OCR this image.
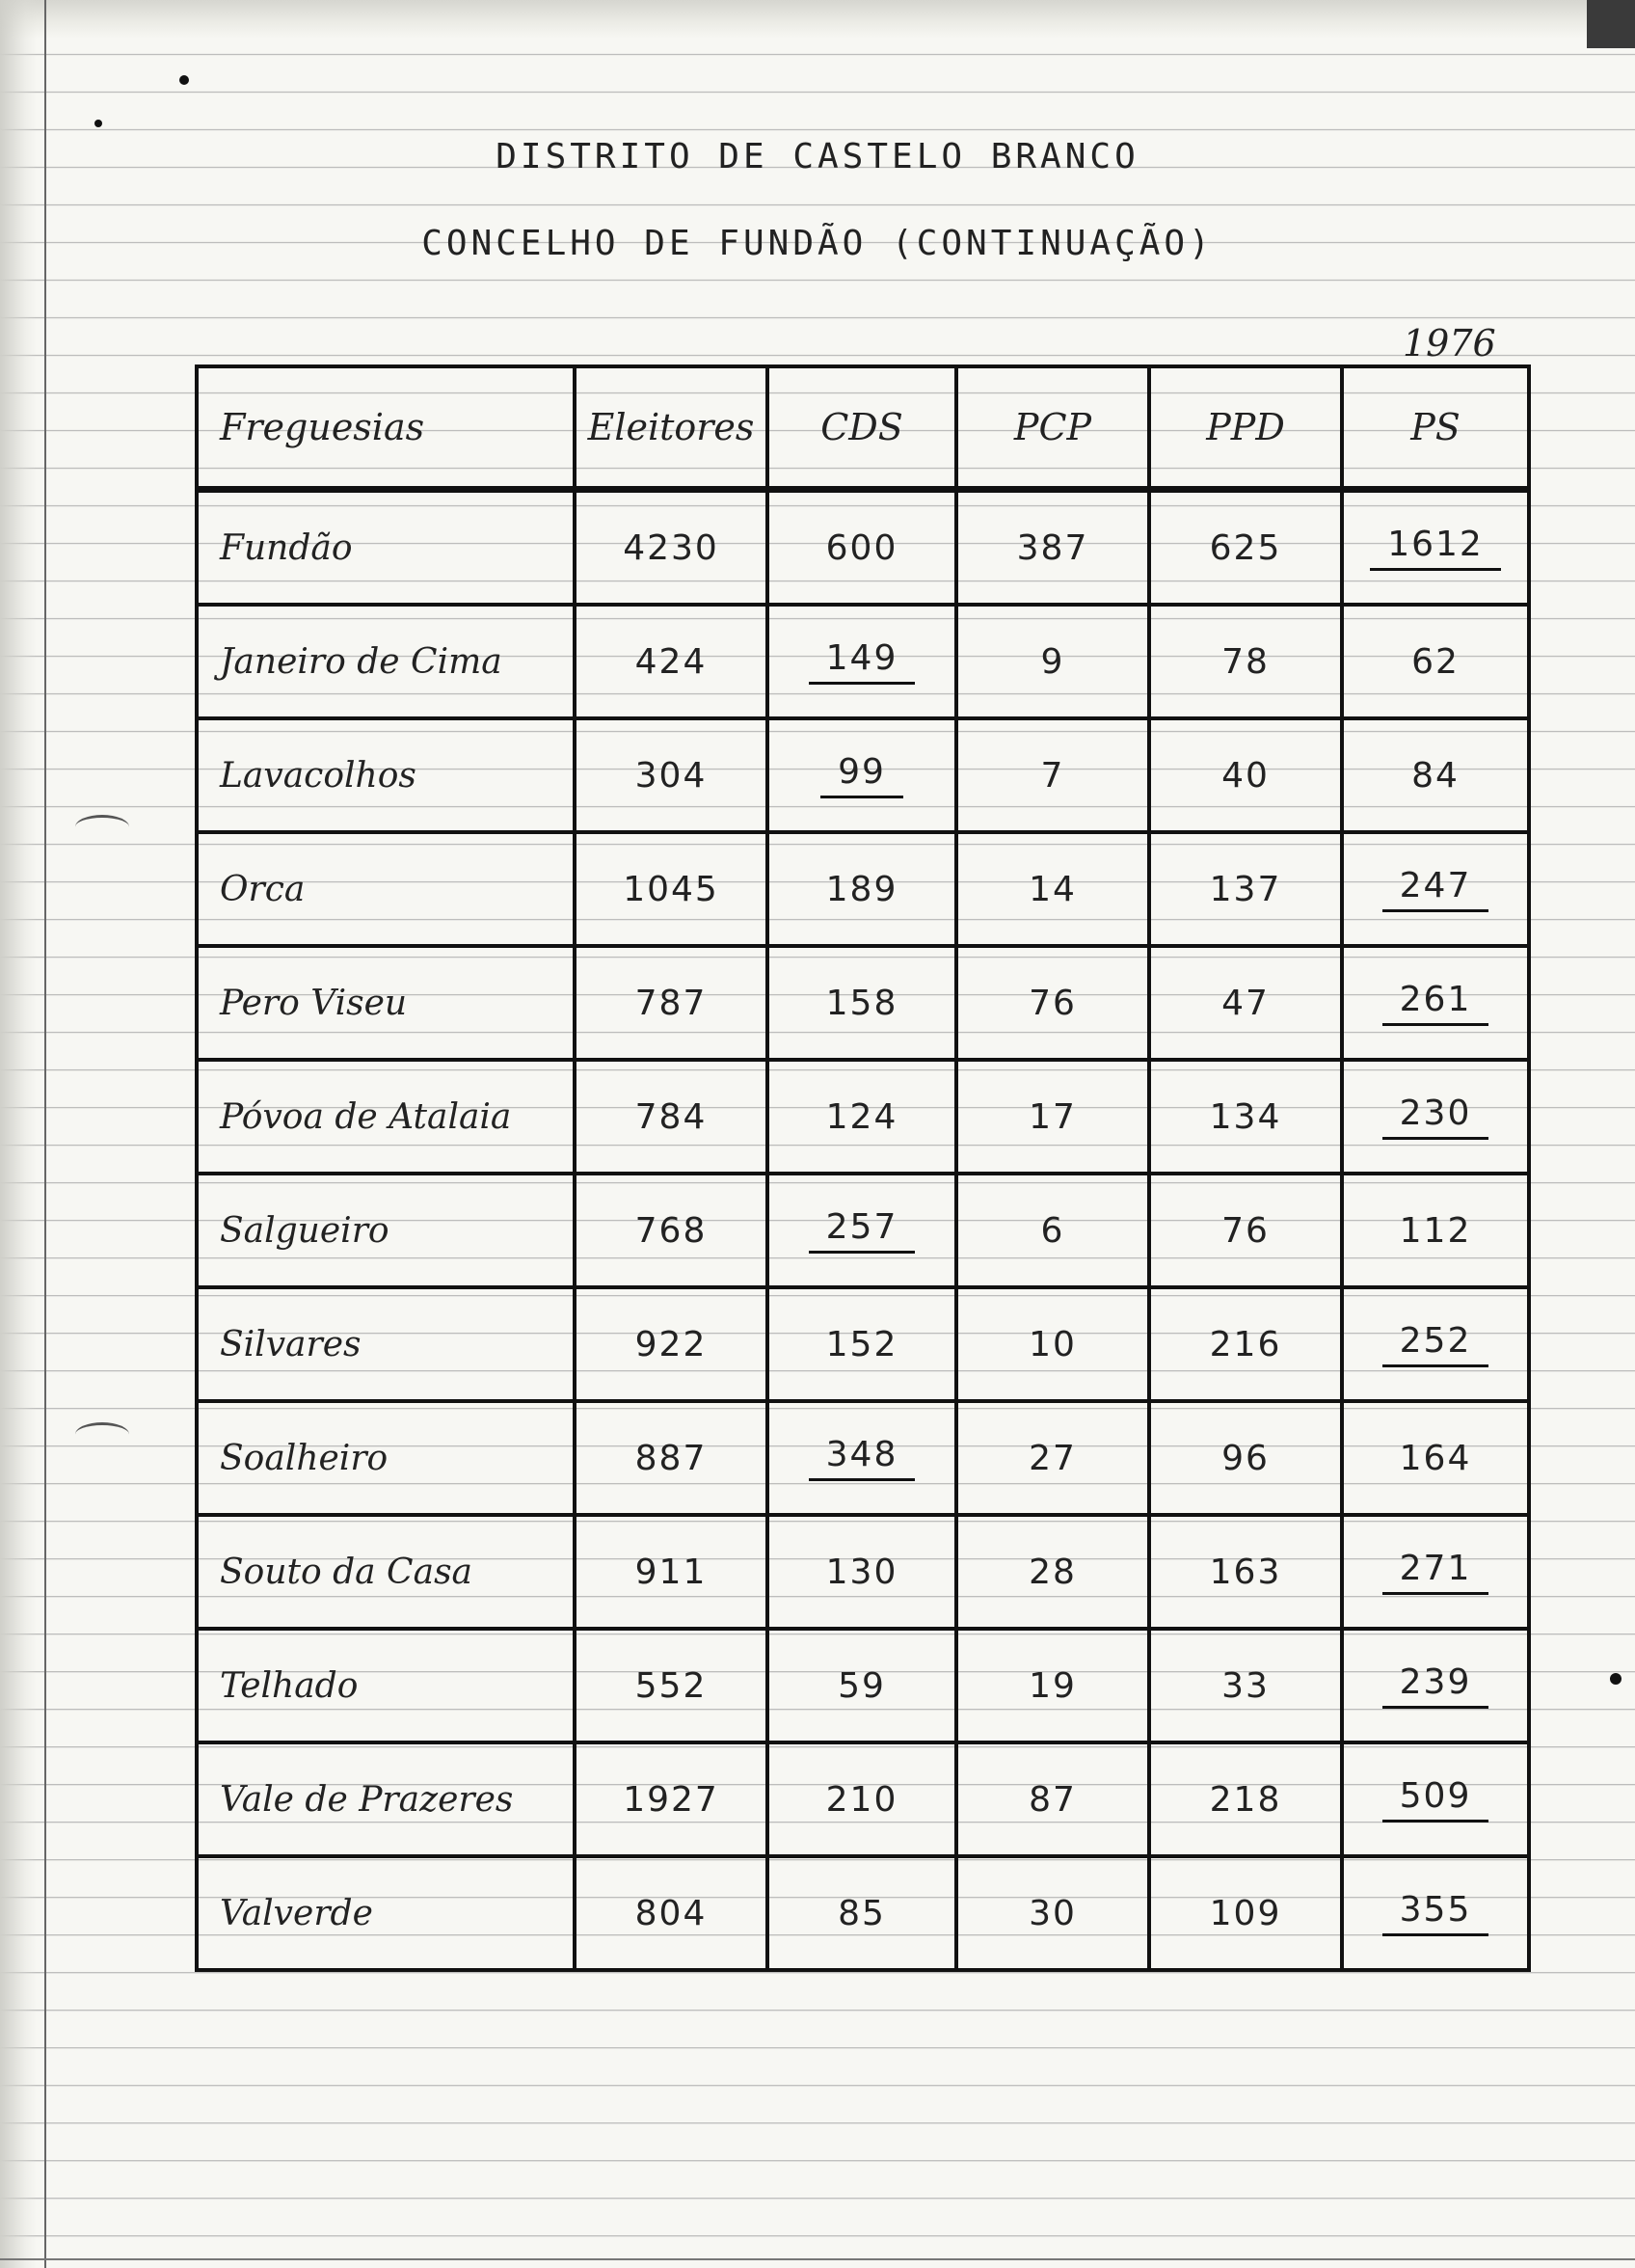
DISTRITO DE CASTELO BRANCO
CONCELHO DE FUNDÃO (CONTINUAÇÃO)
1976
Freguesias	Eleitores	CDS	PCP	PPD	PS
Fundão	4230	600	387	625	1612
Janeiro de Cima	424	149	9	78	62
Lavacolhos	304	99	7	40	84
Orca	1045	189	14	137	247
Pero Viseu	787	158	76	47	261
Póvoa de Atalaia	784	124	17	134	230
Salgueiro	768	257	6	76	112
Silvares	922	152	10	216	252
Soalheiro	887	348	27	96	164
Souto da Casa	911	130	28	163	271
Telhado	552	59	19	33	239
Vale de Prazeres	1927	210	87	218	509
Valverde	804	85	30	109	355
